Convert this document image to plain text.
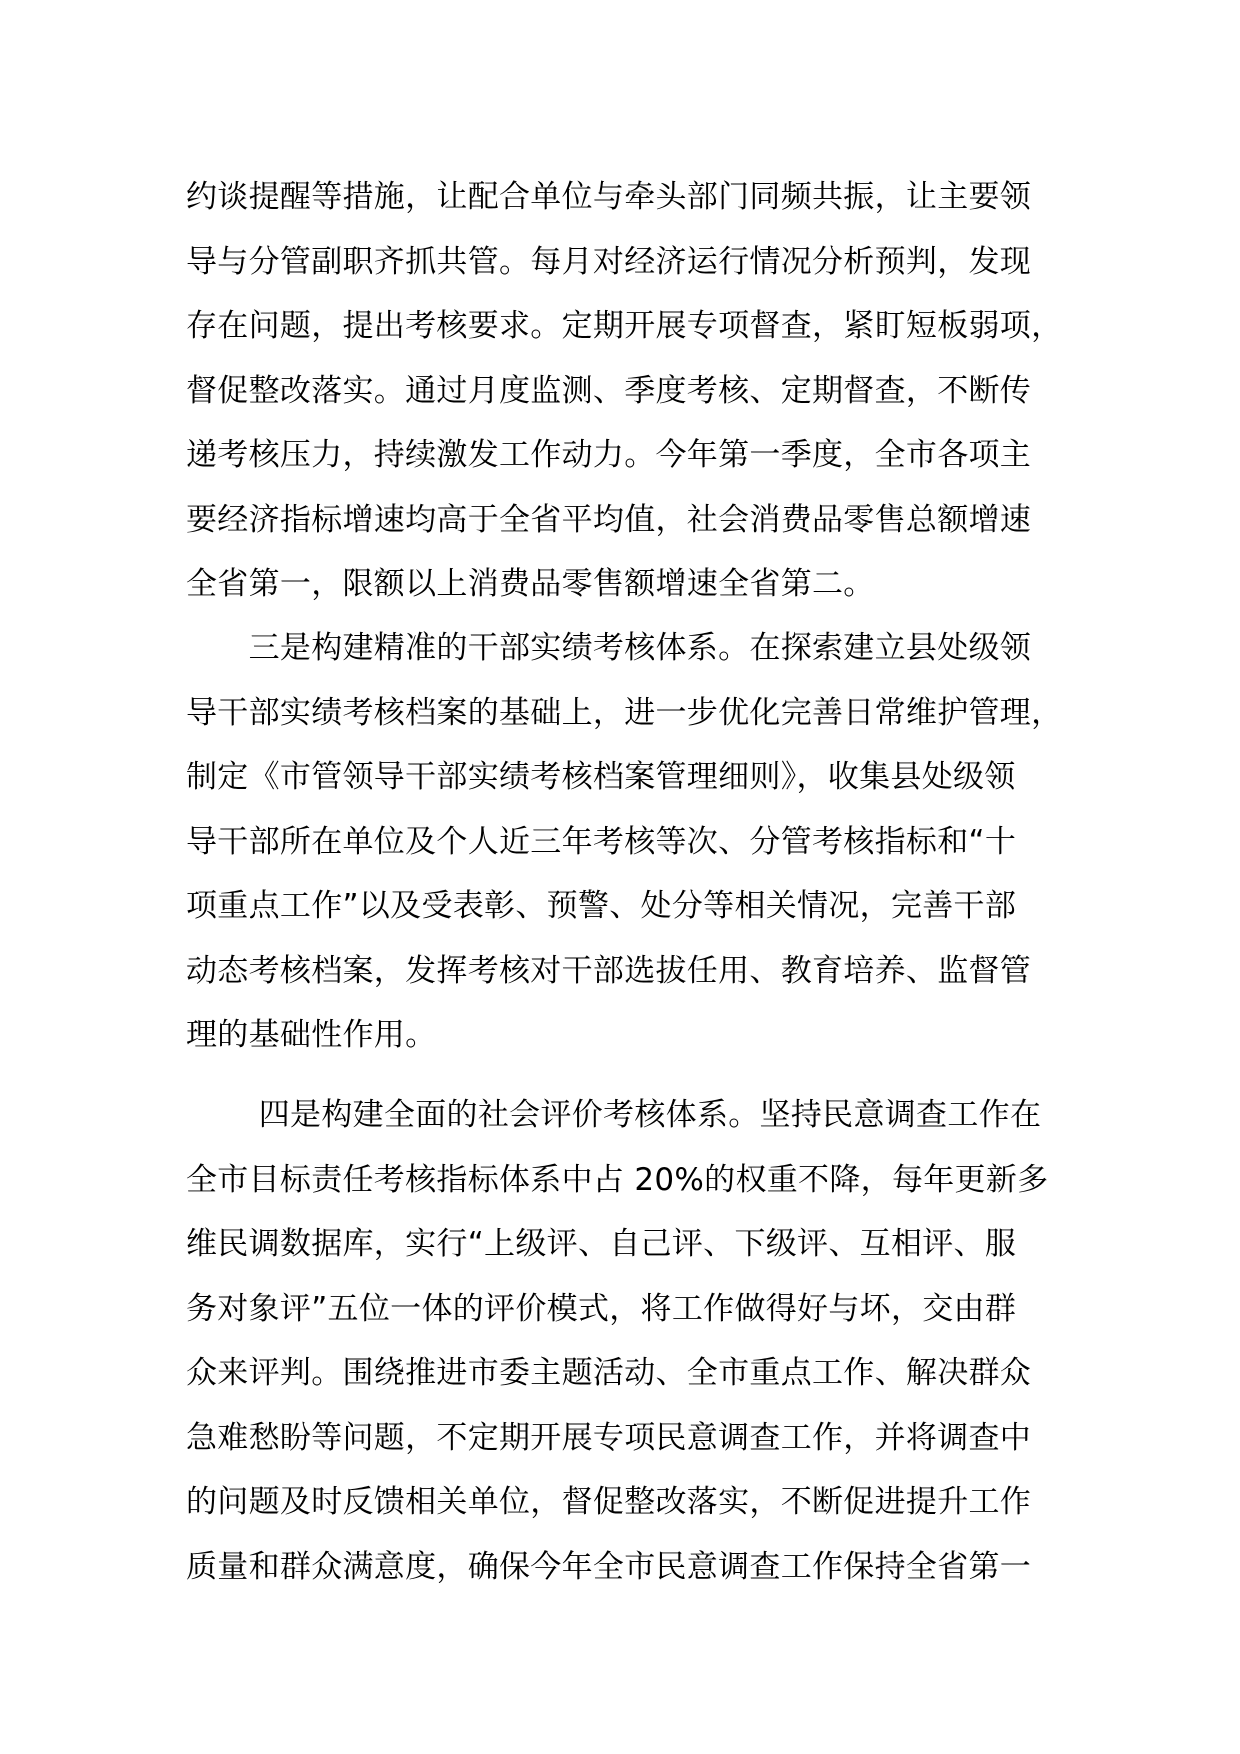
约谈提醒等措施，让配合单位与牵头部门同频共振，让主要领
导与分管副职齐抓共管。每月对经济运行情况分析预判，发现
存在问题，提出考核要求。定期开展专项督查，紧盯短板弱项，
督促整改落实。通过月度监测、季度考核、定期督查，不断传
递考核压力，持续激发工作动力。今年第一季度，全市各项主
要经济指标增速均高于全省平均值，社会消费品零售总额增速
全省第一，限额以上消费品零售额增速全省第二。
　　三是构建精准的干部实绩考核体系。在探索建立县处级领
导干部实绩考核档案的基础上，进一步优化完善日常维护管理，
制定《市管领导干部实绩考核档案管理细则》，收集县处级领
导干部所在单位及个人近三年考核等次、分管考核指标和“十
项重点工作”以及受表彰、预警、处分等相关情况，完善干部
动态考核档案，发挥考核对干部选拔任用、教育培养、监督管
理的基础性作用。
　　 四是构建全面的社会评价考核体系。坚持民意调查工作在
全市目标责任考核指标体系中占 20%的权重不降，每年更新多
维民调数据库，实行“上级评、自己评、下级评、互相评、服
务对象评”五位一体的评价模式，将工作做得好与坏，交由群
众来评判。围绕推进市委主题活动、全市重点工作、解决群众
急难愁盼等问题，不定期开展专项民意调查工作，并将调查中
的问题及时反馈相关单位，督促整改落实，不断促进提升工作
质量和群众满意度，确保今年全市民意调查工作保持全省第一
